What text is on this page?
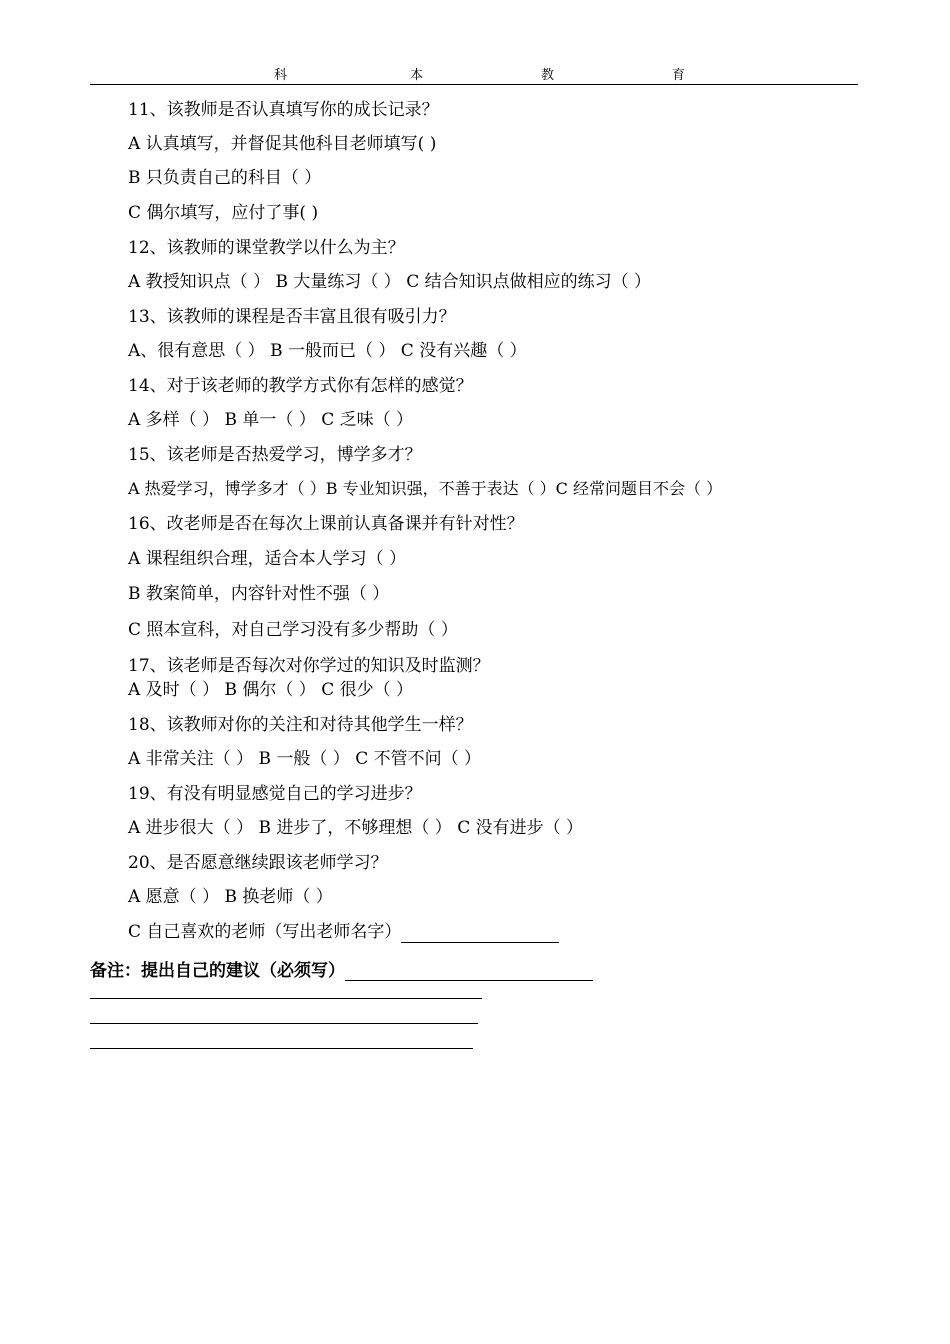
科	本	教	育
11、该教师是否认真填写你的成长记录？
A 认真填写，并督促其他科目老师填写( )
B 只负责自己的科目（ ）
C 偶尔填写，应付了事( )
12、该教师的课堂教学以什么为主？
A 教授知识点（ ） B 大量练习（ ） C 结合知识点做相应的练习（ ）
13、该教师的课程是否丰富且很有吸引力？
A、很有意思（ ） B 一般而已（ ） C 没有兴趣（ ）
14、对于该老师的教学方式你有怎样的感觉？
A 多样（ ） B 单一（ ） C 乏味（ ）
15、该老师是否热爱学习，博学多才？
A 热爱学习，博学多才（ ）B 专业知识强，不善于表达（ ）C 经常问题目不会（ ）
16、改老师是否在每次上课前认真备课并有针对性？
A 课程组织合理，适合本人学习（ ）
B 教案简单，内容针对性不强（ ）
C 照本宣科，对自己学习没有多少帮助（ ）
17、该老师是否每次对你学过的知识及时监测？
A 及时（ ） B 偶尔（ ） C 很少（ ）
18、该教师对你的关注和对待其他学生一样？
A 非常关注（ ） B 一般（ ） C 不管不问（ ）
19、有没有明显感觉自己的学习进步？
A 进步很大（ ） B 进步了，不够理想（ ） C 没有进步（ ）
20、是否愿意继续跟该老师学习？
A 愿意（ ） B 换老师（ ）
C 自己喜欢的老师（写出老师名字）
备注：提出自己的建议（必须写）
